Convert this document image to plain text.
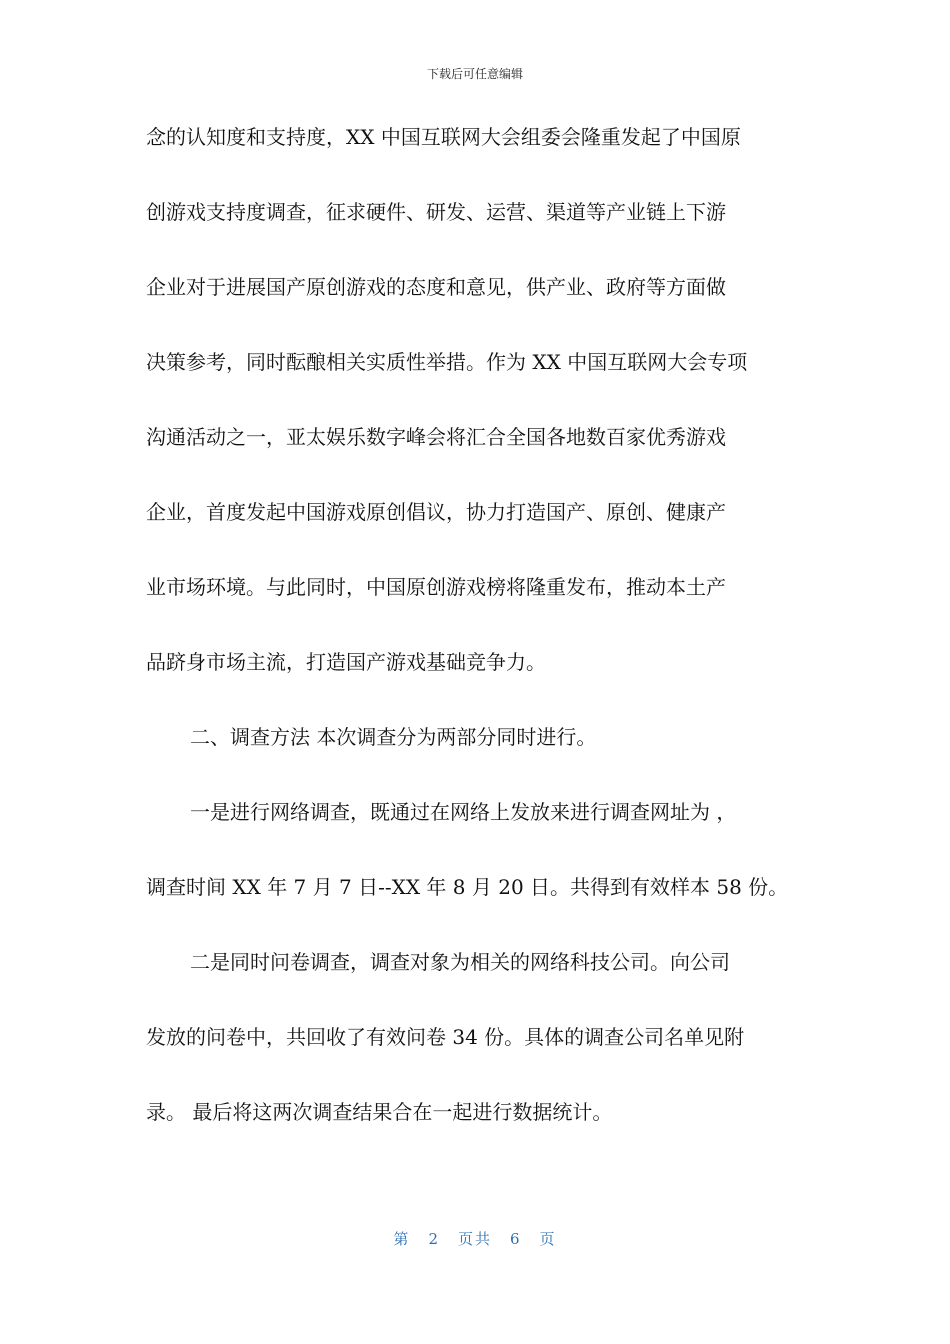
下载后可任意编辑
念的认知度和支持度，XX 中国互联网大会组委会隆重发起了中国原
创游戏支持度调查，征求硬件、研发、运营、渠道等产业链上下游
企业对于进展国产原创游戏的态度和意见，供产业、政府等方面做
决策参考，同时酝酿相关实质性举措。作为 XX 中国互联网大会专项
沟通活动之一，亚太娱乐数字峰会将汇合全国各地数百家优秀游戏
企业，首度发起中国游戏原创倡议，协力打造国产、原创、健康产
业市场环境。与此同时，中国原创游戏榜将隆重发布，推动本土产
品跻身市场主流，打造国产游戏基础竞争力。
二、调查方法 本次调查分为两部分同时进行。
一是进行网络调查，既通过在网络上发放来进行调查网址为 ，
调查时间 XX 年 7 月 7 日--XX 年 8 月 20 日。共得到有效样本 58 份。
二是同时问卷调查，调查对象为相关的网络科技公司。向公司
发放的问卷中，共回收了有效问卷 34 份。具体的调查公司名单见附
录。 最后将这两次调查结果合在一起进行数据统计。
第 2 页共 6 页
